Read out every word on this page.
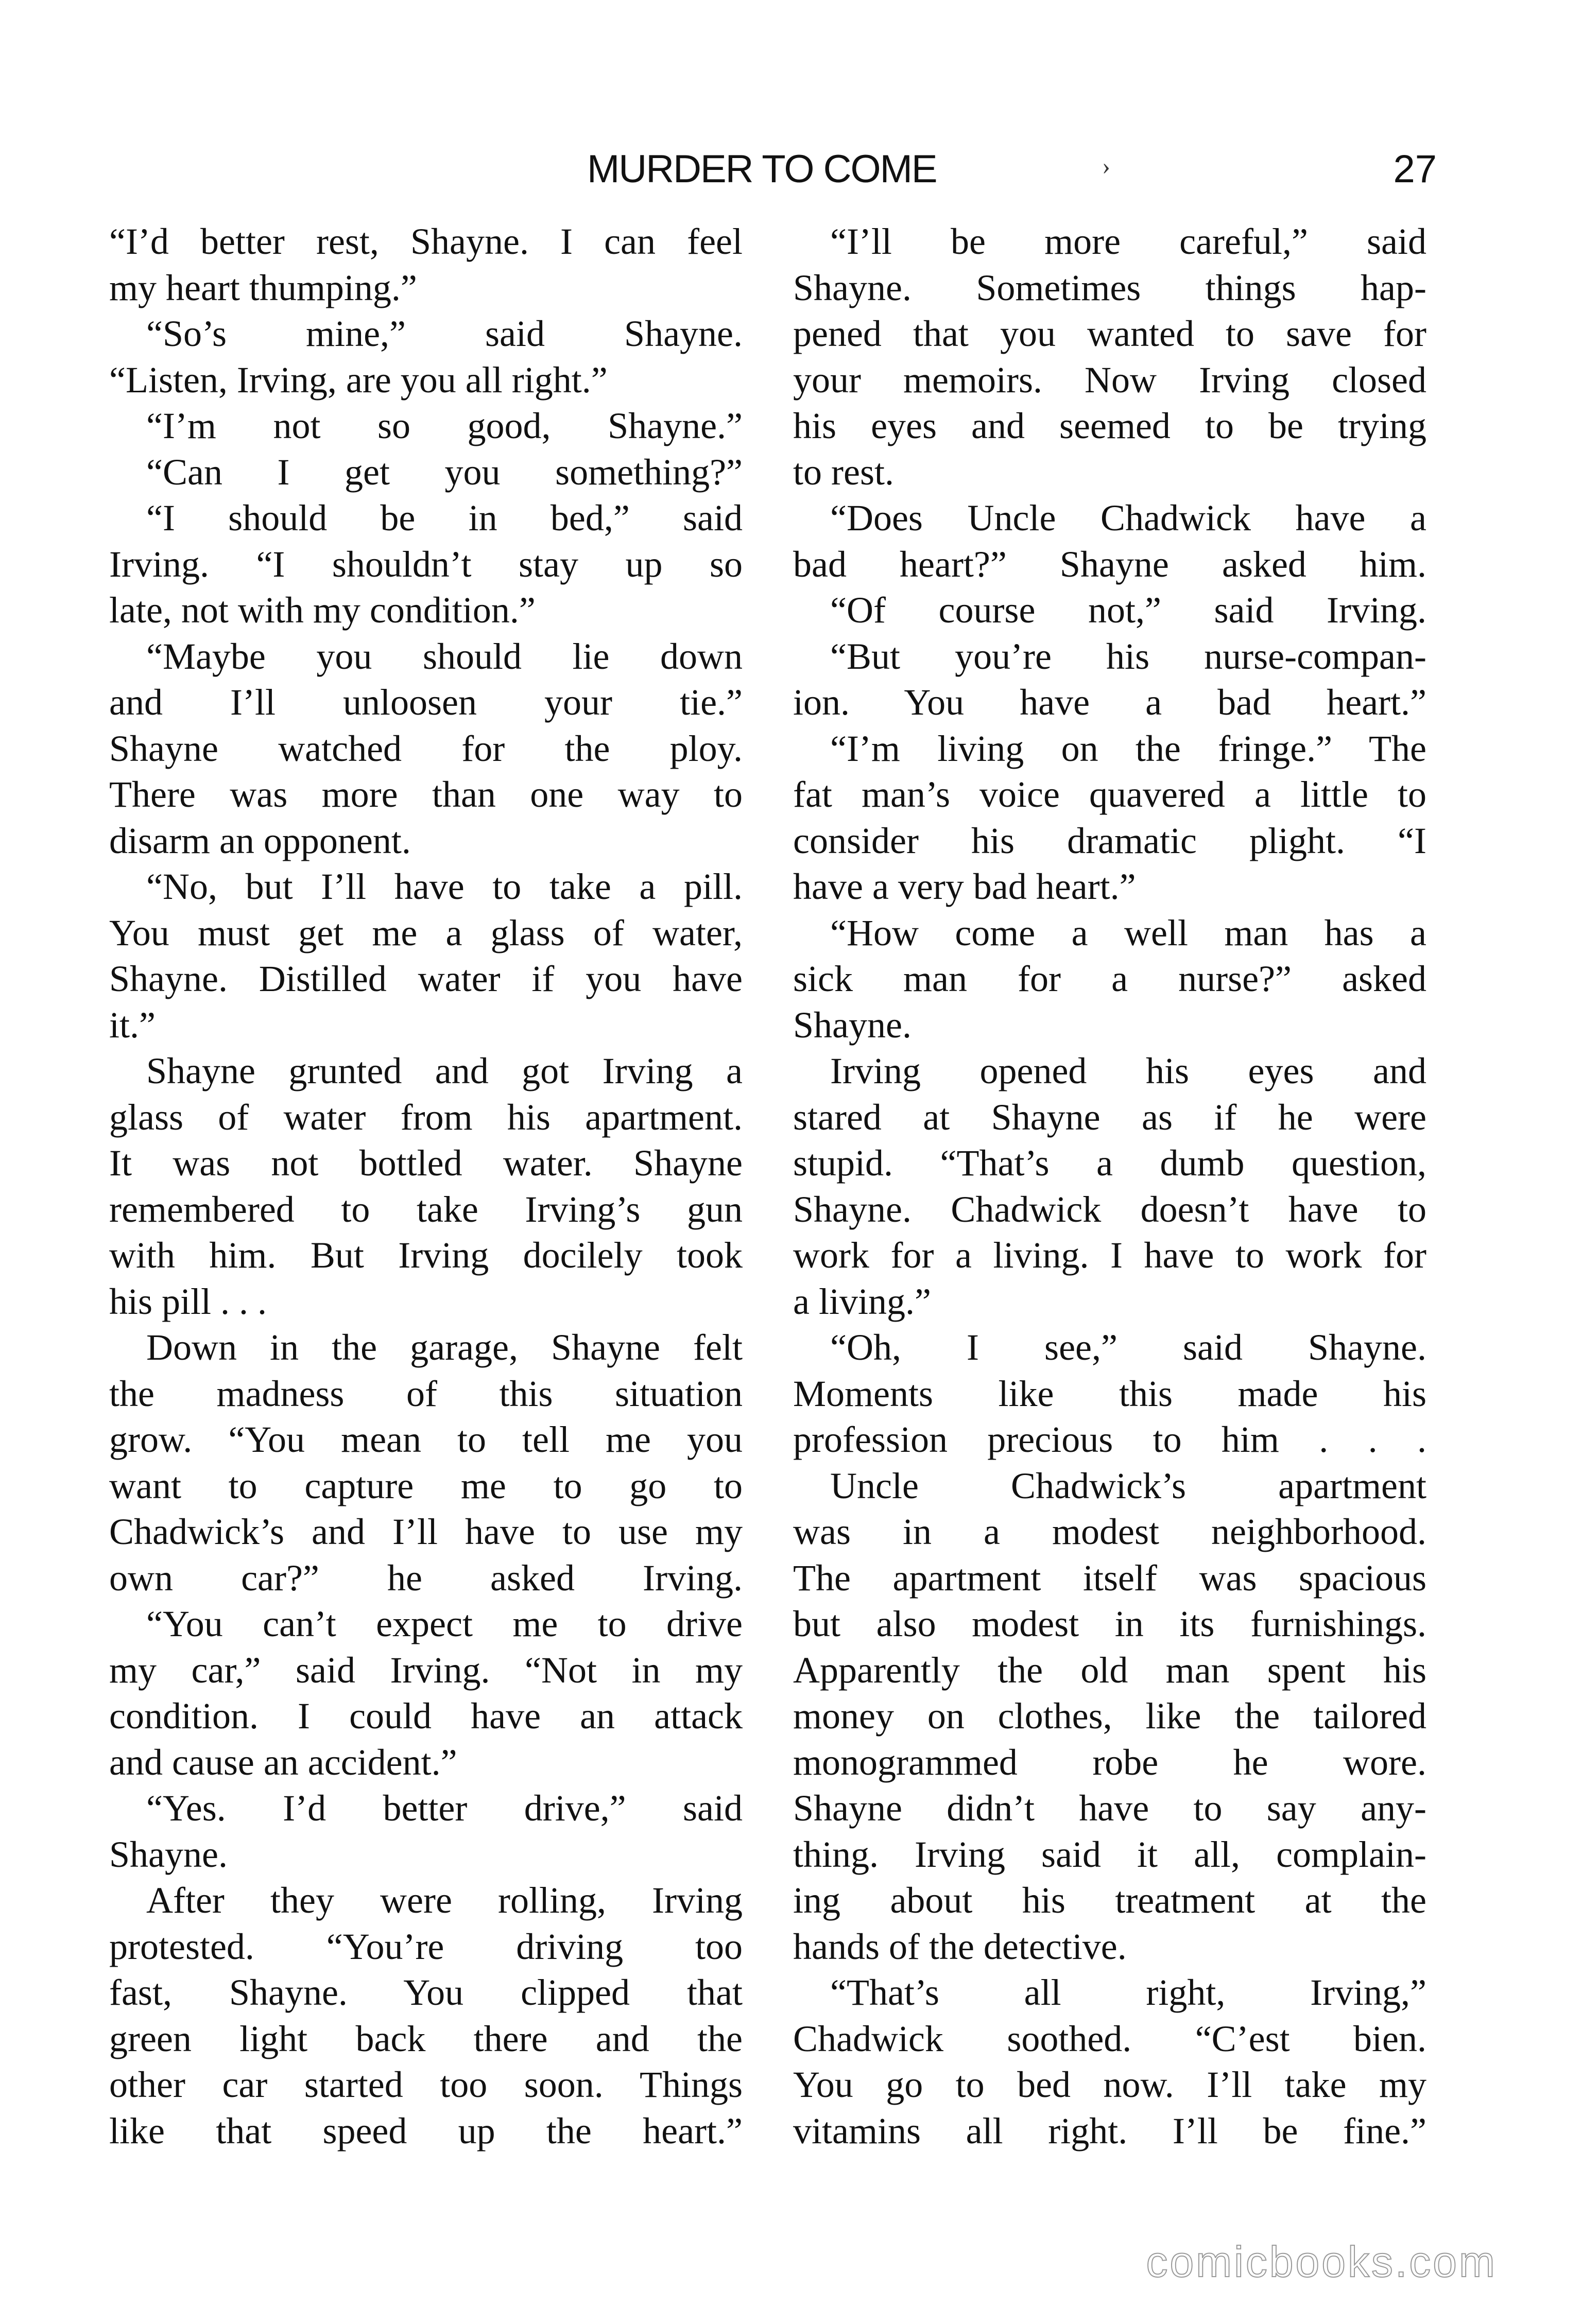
MURDER TO COME	›	27
“I’d better rest, Shayne. I can feel
my heart thumping.”
“So’s mine,” said Shayne.
“Listen, Irving, are you all right.”
“I’m not so good, Shayne.”
“Can I get you something?”
“I should be in bed,” said
Irving. “I shouldn’t stay up so
late, not with my condition.”
“Maybe you should lie down
and I’ll unloosen your tie.”
Shayne watched for the ploy.
There was more than one way to
disarm an opponent.
“No, but I’ll have to take a pill.
You must get me a glass of water,
Shayne. Distilled water if you have
it.”
Shayne grunted and got Irving a
glass of water from his apartment.
It was not bottled water. Shayne
remembered to take Irving’s gun
with him. But Irving docilely took
his pill . . .
Down in the garage, Shayne felt
the madness of this situation
grow. “You mean to tell me you
want to capture me to go to
Chadwick’s and I’ll have to use my
own car?” he asked Irving.
“You can’t expect me to drive
my car,” said Irving. “Not in my
condition. I could have an attack
and cause an accident.”
“Yes. I’d better drive,” said
Shayne.
After they were rolling, Irving
protested. “You’re driving too
fast, Shayne. You clipped that
green light back there and the
other car started too soon. Things
like that speed up the heart.”
“I’ll be more careful,” said
Shayne. Sometimes things hap-
pened that you wanted to save for
your memoirs. Now Irving closed
his eyes and seemed to be trying
to rest.
“Does Uncle Chadwick have a
bad heart?” Shayne asked him.
“Of course not,” said Irving.
“But you’re his nurse-compan-
ion. You have a bad heart.”
“I’m living on the fringe.” The
fat man’s voice quavered a little to
consider his dramatic plight. “I
have a very bad heart.”
“How come a well man has a
sick man for a nurse?” asked
Shayne.
Irving opened his eyes and
stared at Shayne as if he were
stupid. “That’s a dumb question,
Shayne. Chadwick doesn’t have to
work for a living. I have to work for
a living.”
“Oh, I see,” said Shayne.
Moments like this made his
profession precious to him . . .
Uncle Chadwick’s apartment
was in a modest neighborhood.
The apartment itself was spacious
but also modest in its furnishings.
Apparently the old man spent his
money on clothes, like the tailored
monogrammed robe he wore.
Shayne didn’t have to say any-
thing. Irving said it all, complain-
ing about his treatment at the
hands of the detective.
“That’s all right, Irving,”
Chadwick soothed. “C’est bien.
You go to bed now. I’ll take my
vitamins all right. I’ll be fine.”
comicbooks.com
